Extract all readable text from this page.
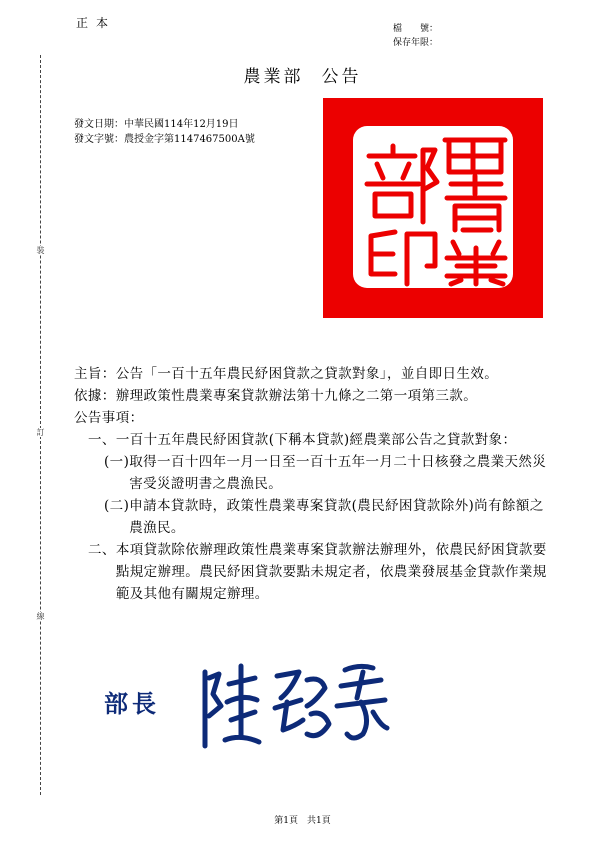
裝
訂
線
正本	檔　　號：
保存年限：
農業部 公告
發文日期：中華民國114年12月19日
發文字號：農授金字第1147467500A號
主旨： 公告「一百十五年農民紓困貸款之貸款對象」，並自即日生效。
依據： 辦理政策性農業專案貸款辦法第十九條之二第一項第三款。
公告事項：
一、 一百十五年農民紓困貸款(下稱本貸款)經農業部公告之貸款對象：
(一) 取得一百十四年一月一日至一百十五年一月二十日核發之農業天然災害受災證明書之農漁民。
(二) 申請本貸款時，政策性農業專案貸款(農民紓困貸款除外)尚有餘額之農漁民。
二、 本項貸款除依辦理政策性農業專案貸款辦法辦理外，依農民紓困貸款要點規定辦理。農民紓困貸款要點未規定者，依農業發展基金貸款作業規範及其他有關規定辦理。
部長
第1頁　共1頁
